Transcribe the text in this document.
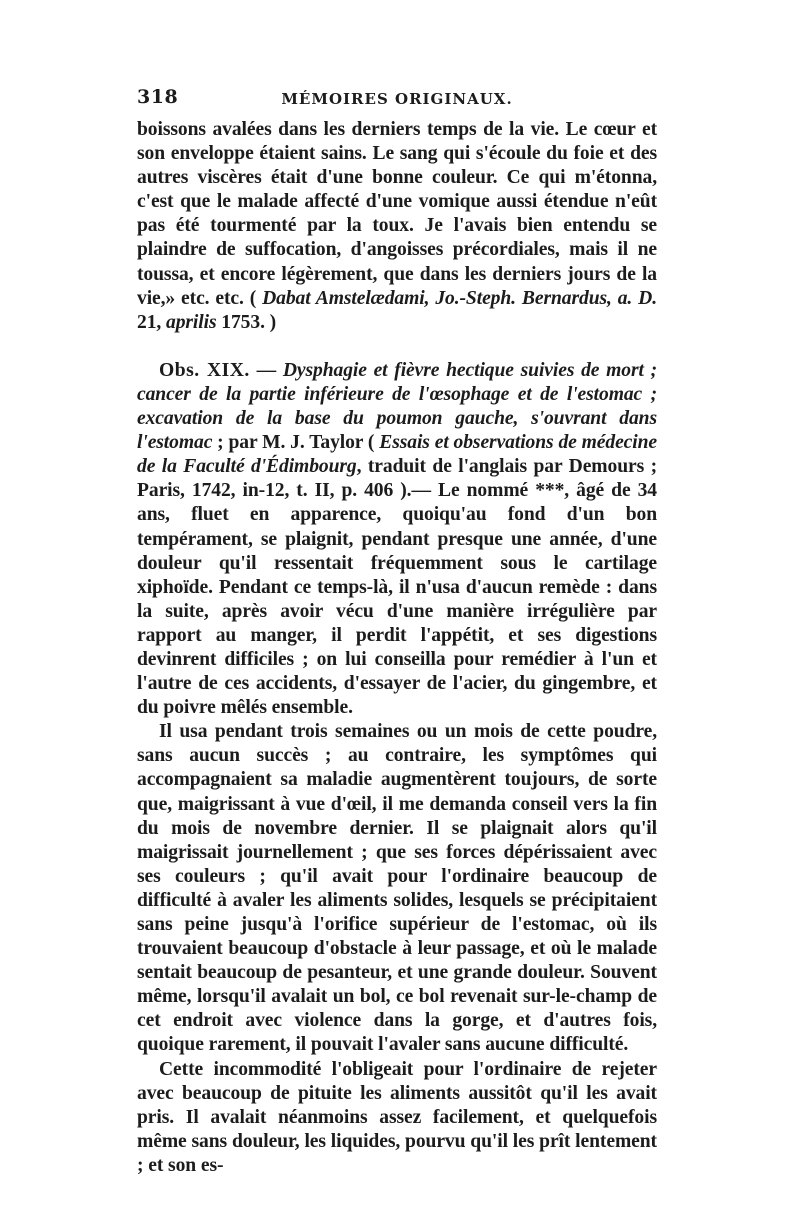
318	MÉMOIRES ORIGINAUX.

boissons avalées dans les derniers temps de la vie. Le cœur et son enveloppe étaient sains. Le sang qui s'écoule du foie et des autres viscères était d'une bonne couleur. Ce qui m'étonna, c'est que le malade affecté d'une vomique aussi étendue n'eût pas été tourmenté par la toux. Je l'avais bien entendu se plaindre de suffocation, d'angoisses précordiales, mais il ne toussa, et encore légèrement, que dans les derniers jours de la vie,» etc. etc. ( Dabat Amstelædami, Jo.-Steph. Bernardus, a. D. 21, aprilis 1753. )

Obs. XIX. — Dysphagie et fièvre hectique suivies de mort ; cancer de la partie inférieure de l'œsophage et de l'estomac ; excavation de la base du poumon gauche, s'ouvrant dans l'estomac ; par M. J. Taylor ( Essais et observations de médecine de la Faculté d'Édimbourg, traduit de l'anglais par Demours ; Paris, 1742, in-12, t. II, p. 406 ).— Le nommé ***, âgé de 34 ans, fluet en apparence, quoiqu'au fond d'un bon tempérament, se plaignit, pendant presque une année, d'une douleur qu'il ressentait fréquemment sous le cartilage xiphoïde. Pendant ce temps-là, il n'usa d'aucun remède : dans la suite, après avoir vécu d'une manière irrégulière par rapport au manger, il perdit l'appétit, et ses digestions devinrent difficiles ; on lui conseilla pour remédier à l'un et l'autre de ces accidents, d'essayer de l'acier, du gingembre, et du poivre mêlés ensemble.

Il usa pendant trois semaines ou un mois de cette poudre, sans aucun succès ; au contraire, les symptômes qui accompagnaient sa maladie augmentèrent toujours, de sorte que, maigrissant à vue d'œil, il me demanda conseil vers la fin du mois de novembre dernier. Il se plaignait alors qu'il maigrissait journellement ; que ses forces dépérissaient avec ses couleurs ; qu'il avait pour l'ordinaire beaucoup de difficulté à avaler les aliments solides, lesquels se précipitaient sans peine jusqu'à l'orifice supérieur de l'estomac, où ils trouvaient beaucoup d'obstacle à leur passage, et où le malade sentait beaucoup de pesanteur, et une grande douleur. Souvent même, lorsqu'il avalait un bol, ce bol revenait sur-le-champ de cet endroit avec violence dans la gorge, et d'autres fois, quoique rarement, il pouvait l'avaler sans aucune difficulté.

Cette incommodité l'obligeait pour l'ordinaire de rejeter avec beaucoup de pituite les aliments aussitôt qu'il les avait pris. Il avalait néanmoins assez facilement, et quelquefois même sans douleur, les liquides, pourvu qu'il les prît lentement ; et son es-
